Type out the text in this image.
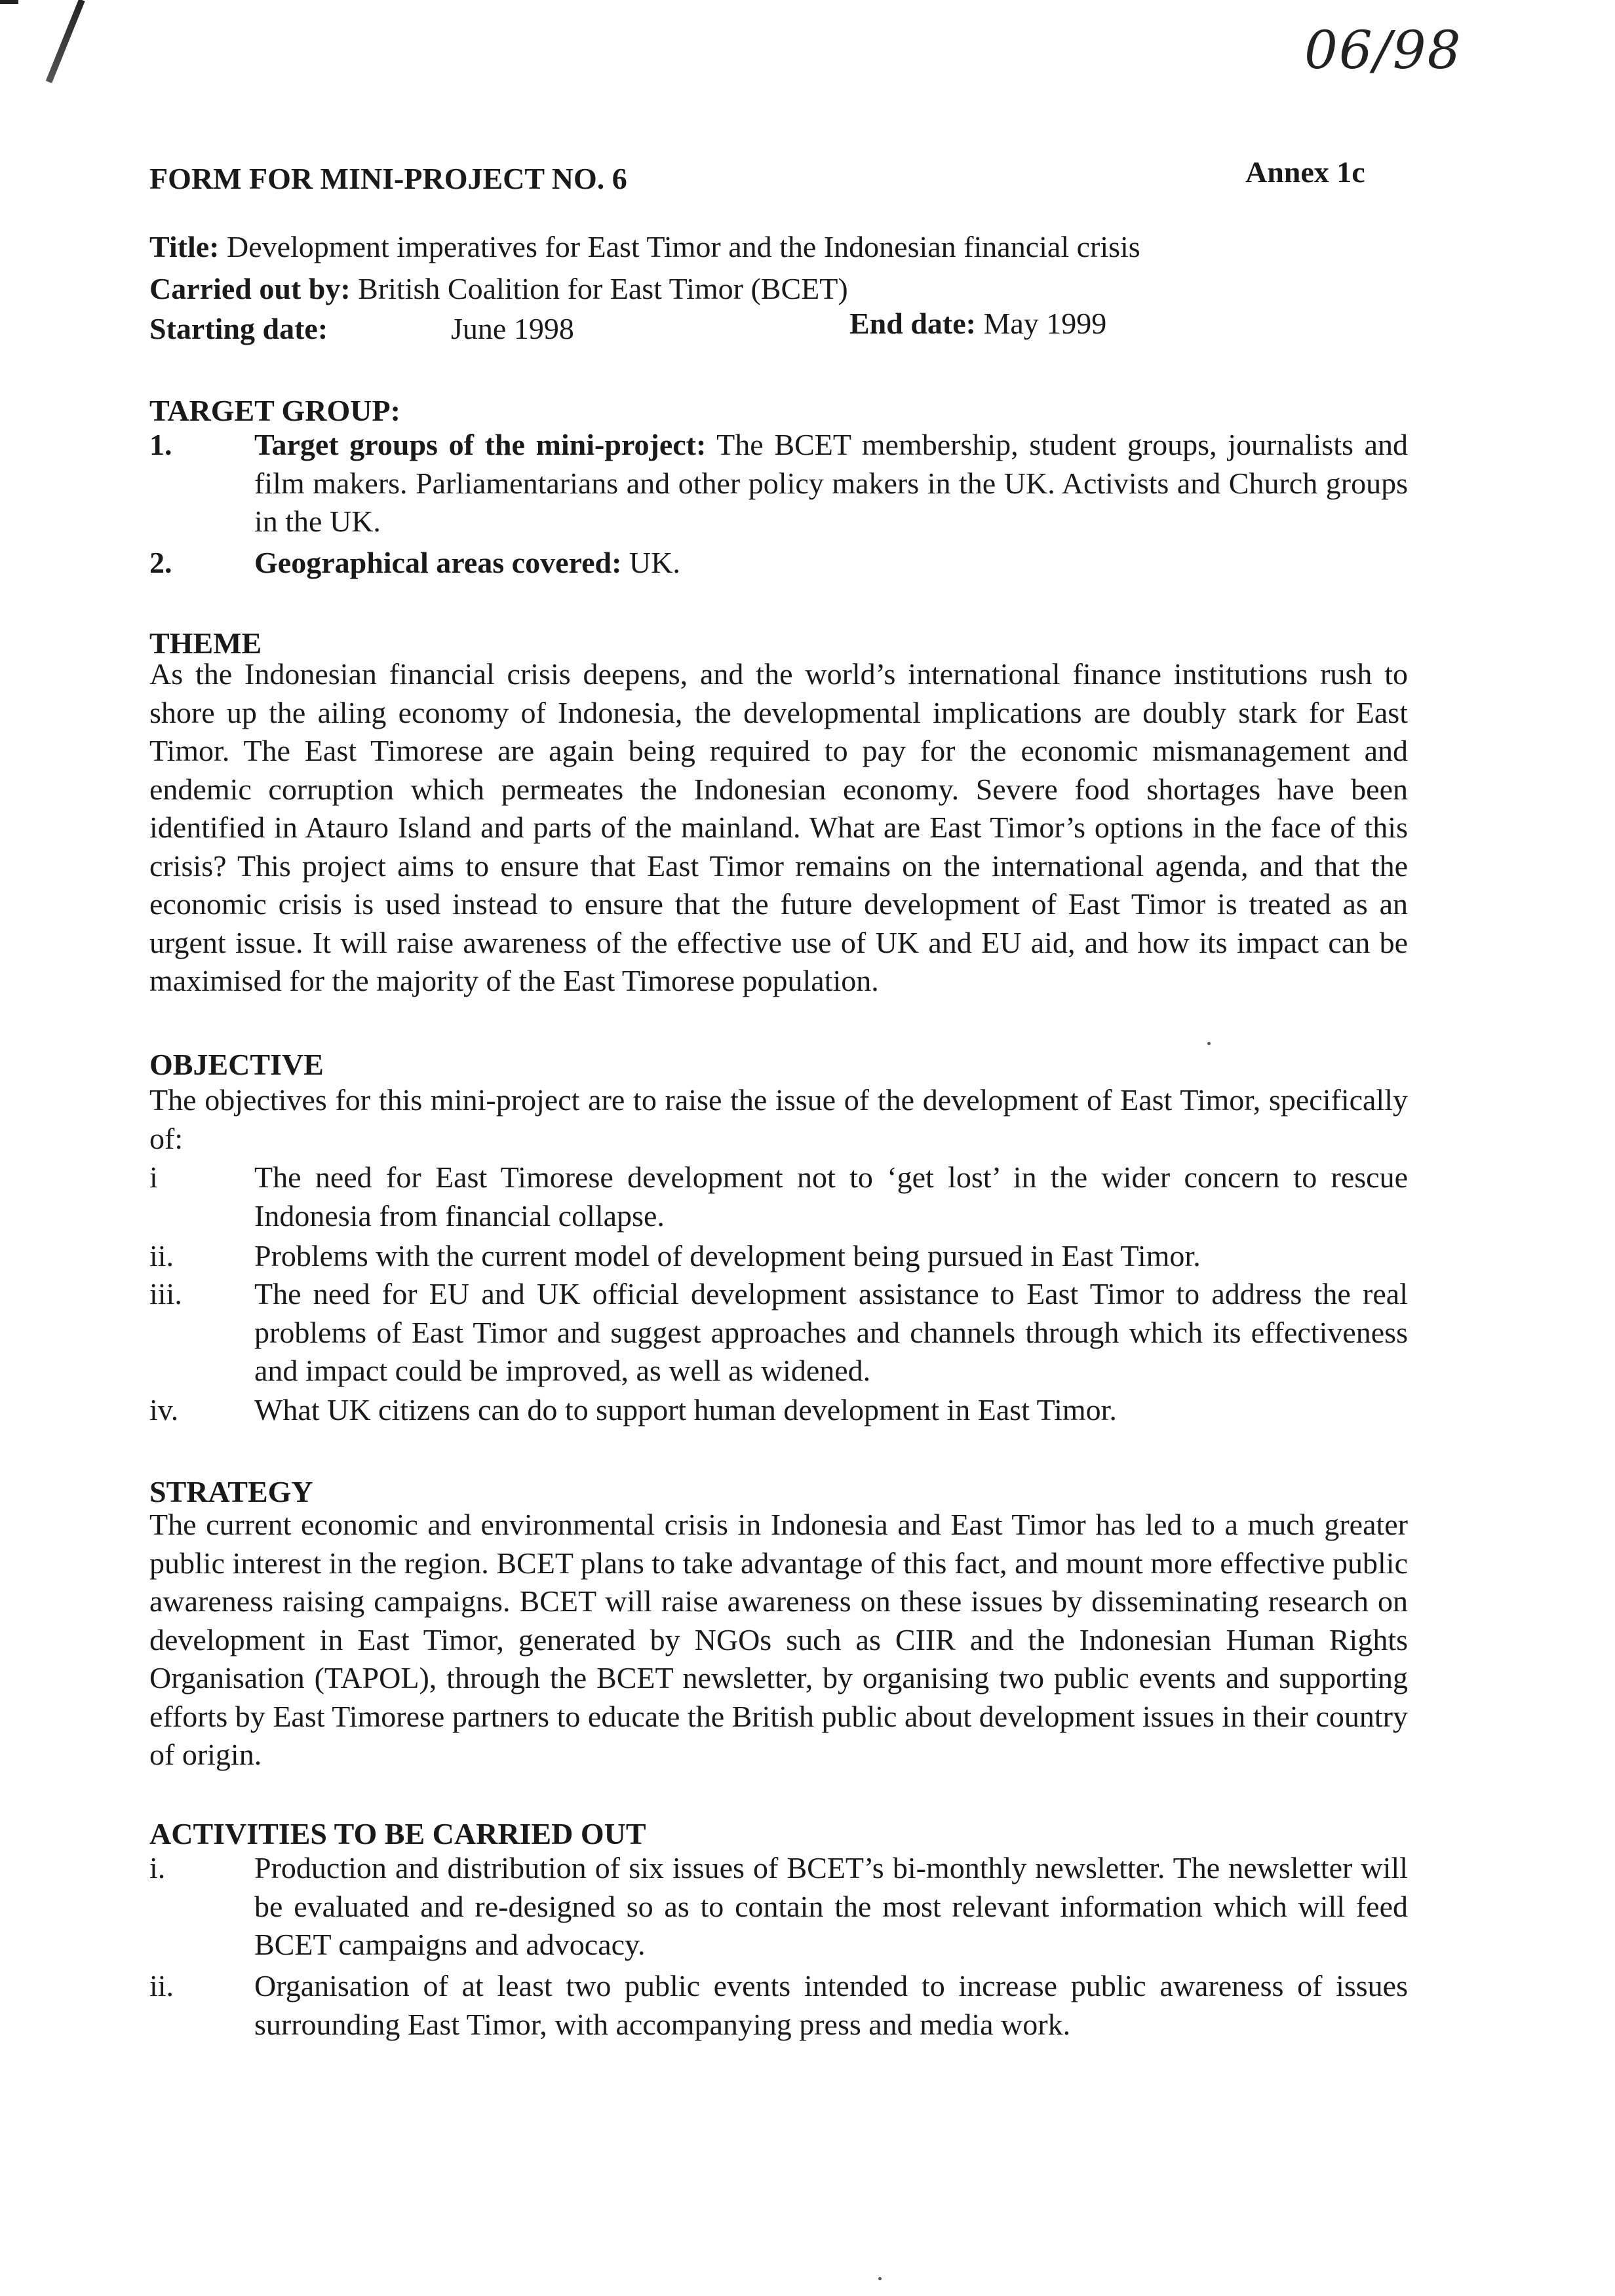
06/98
FORM FOR MINI-PROJECT NO. 6	Annex 1c
Title: Development imperatives for East Timor and the Indonesian financial crisis
Carried out by: British Coalition for East Timor (BCET)
Starting date:	June 1998	End date: May 1999
TARGET GROUP:
1.	Target groups of the mini-project: The BCET membership, student groups, journalists and film makers. Parliamentarians and other policy makers in the UK. Activists and Church groups in the UK.
2.	Geographical areas covered: UK.
THEME
As the Indonesian financial crisis deepens, and the world’s international finance institutions rush to shore up the ailing economy of Indonesia, the developmental implications are doubly stark for East Timor. The East Timorese are again being required to pay for the economic mismanagement and endemic corruption which permeates the Indonesian economy. Severe food shortages have been identified in Atauro Island and parts of the mainland. What are East Timor’s options in the face of this crisis? This project aims to ensure that East Timor remains on the international agenda, and that the economic crisis is used instead to ensure that the future development of East Timor is treated as an urgent issue. It will raise awareness of the effective use of UK and EU aid, and how its impact can be maximised for the majority of the East Timorese population.
OBJECTIVE
The objectives for this mini-project are to raise the issue of the development of East Timor, specifically of:
i	The need for East Timorese development not to ‘get lost’ in the wider concern to rescue Indonesia from financial collapse.
ii.	Problems with the current model of development being pursued in East Timor.
iii. The need for EU and UK official development assistance to East Timor to address the real problems of East Timor and suggest approaches and channels through which its effectiveness and impact could be improved, as well as widened.
iv.	What UK citizens can do to support human development in East Timor.
STRATEGY
The current economic and environmental crisis in Indonesia and East Timor has led to a much greater public interest in the region. BCET plans to take advantage of this fact, and mount more effective public awareness raising campaigns. BCET will raise awareness on these issues by disseminating research on development in East Timor, generated by NGOs such as CIIR and the Indonesian Human Rights Organisation (TAPOL), through the BCET newsletter, by organising two public events and supporting efforts by East Timorese partners to educate the British public about development issues in their country of origin.
ACTIVITIES TO BE CARRIED OUT
i.	Production and distribution of six issues of BCET’s bi-monthly newsletter. The newsletter will be evaluated and re-designed so as to contain the most relevant information which will feed BCET campaigns and advocacy.
ii.	Organisation of at least two public events intended to increase public awareness of issues surrounding East Timor, with accompanying press and media work.
